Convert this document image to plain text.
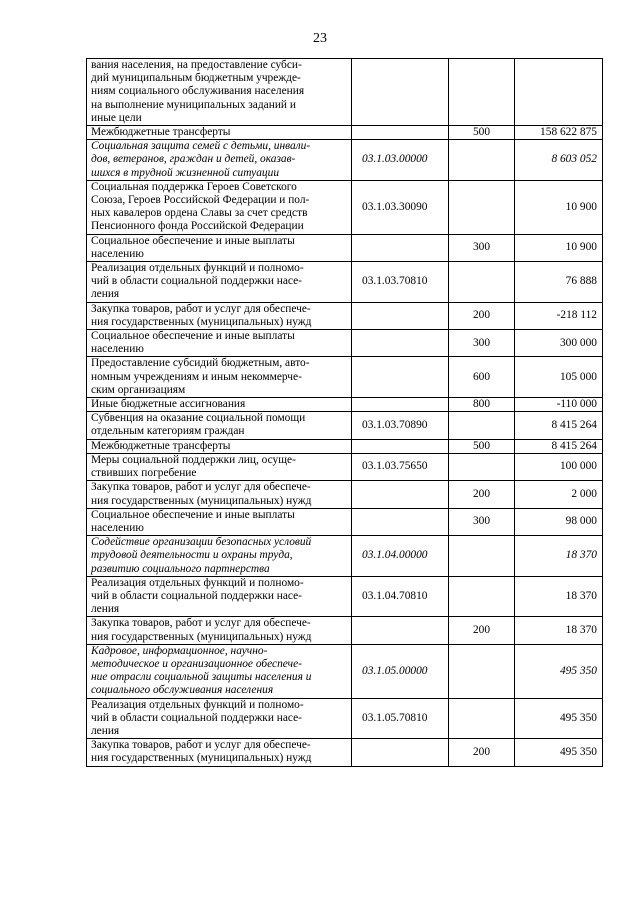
23
вания населения, на предоставление субси-
дий муниципальным бюджетным учрежде-
ниям социального обслуживания населения
на выполнение муниципальных заданий и
иные цели			
Межбюджетные трансферты		500	158 622 875
Социальная защита семей с детьми, инвали-
дов, ветеранов, граждан и детей, оказав-
шихся в трудной жизненной ситуации	03.1.03.00000		8 603 052
Социальная поддержка Героев Советского
Союза, Героев Российской Федерации и пол-
ных кавалеров ордена Славы за счет средств
Пенсионного фонда Российской Федерации	03.1.03.30090		10 900
Социальное обеспечение и иные выплаты
населению		300	10 900
Реализация отдельных функций и полномо-
чий в области социальной поддержки насе-
ления	03.1.03.70810		76 888
Закупка товаров, работ и услуг для обеспече-
ния государственных (муниципальных) нужд		200	-218 112
Социальное обеспечение и иные выплаты
населению		300	300 000
Предоставление субсидий бюджетным, авто-
номным учреждениям и иным некоммерче-
ским организациям		600	105 000
Иные бюджетные ассигнования		800	-110 000
Субвенция на оказание социальной помощи
отдельным категориям граждан	03.1.03.70890		8 415 264
Межбюджетные трансферты		500	8 415 264
Меры социальной поддержки лиц, осуще-
ствивших погребение	03.1.03.75650		100 000
Закупка товаров, работ и услуг для обеспече-
ния государственных (муниципальных) нужд		200	2 000
Социальное обеспечение и иные выплаты
населению		300	98 000
Содействие организации безопасных условий
трудовой деятельности и охраны труда,
развитию социального партнерства	03.1.04.00000		18 370
Реализация отдельных функций и полномо-
чий в области социальной поддержки насе-
ления	03.1.04.70810		18 370
Закупка товаров, работ и услуг для обеспече-
ния государственных (муниципальных) нужд		200	18 370
Кадровое, информационное, научно-
методическое и организационное обеспече-
ние отрасли социальной защиты населения и
социального обслуживания населения	03.1.05.00000		495 350
Реализация отдельных функций и полномо-
чий в области социальной поддержки насе-
ления	03.1.05.70810		495 350
Закупка товаров, работ и услуг для обеспече-
ния государственных (муниципальных) нужд		200	495 350
